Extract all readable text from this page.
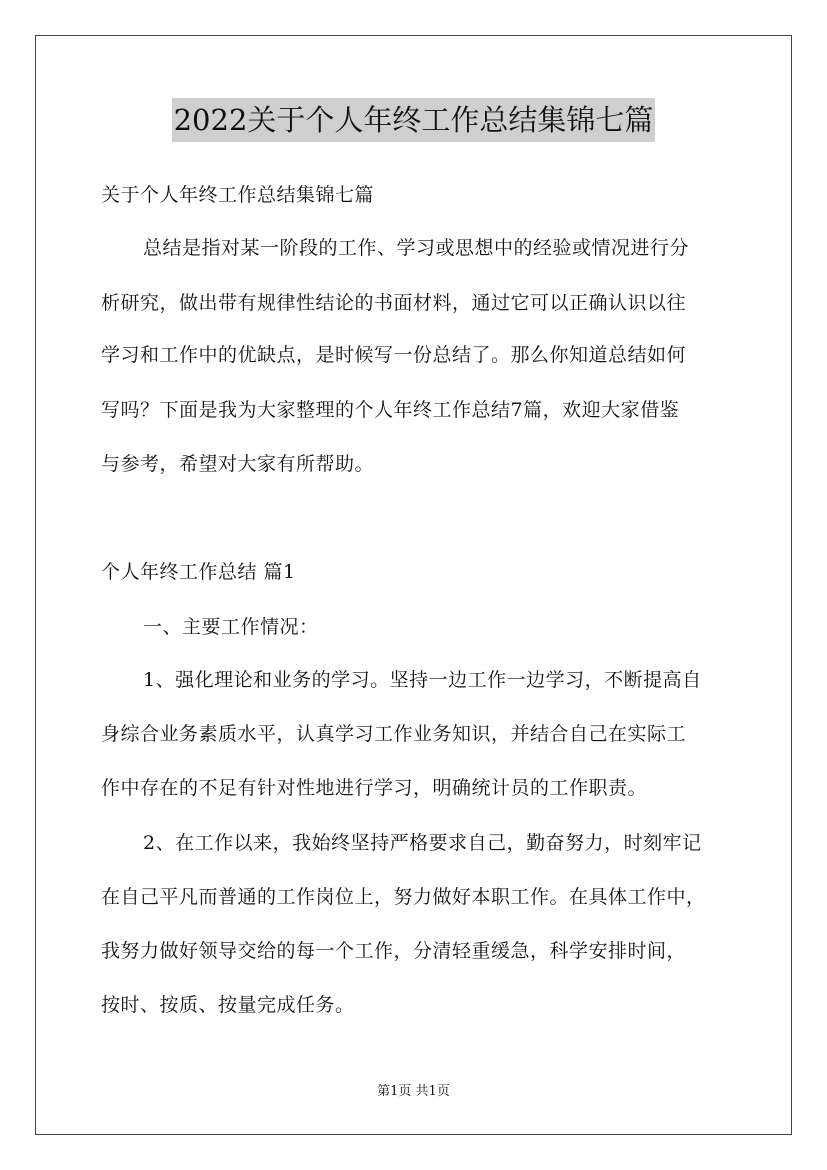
2022关于个人年终工作总结集锦七篇
关于个人年终工作总结集锦七篇
总结是指对某一阶段的工作、学习或思想中的经验或情况进行分
析研究，做出带有规律性结论的书面材料，通过它可以正确认识以往
学习和工作中的优缺点，是时候写一份总结了。那么你知道总结如何
写吗？下面是我为大家整理的个人年终工作总结7篇，欢迎大家借鉴
与参考，希望对大家有所帮助。
个人年终工作总结 篇1
一、主要工作情况：
1、强化理论和业务的学习。坚持一边工作一边学习，不断提高自
身综合业务素质水平，认真学习工作业务知识，并结合自己在实际工
作中存在的不足有针对性地进行学习，明确统计员的工作职责。
2、在工作以来，我始终坚持严格要求自己，勤奋努力，时刻牢记
在自己平凡而普通的工作岗位上，努力做好本职工作。在具体工作中，
我努力做好领导交给的每一个工作，分清轻重缓急，科学安排时间，
按时、按质、按量完成任务。
第1页 共1页
